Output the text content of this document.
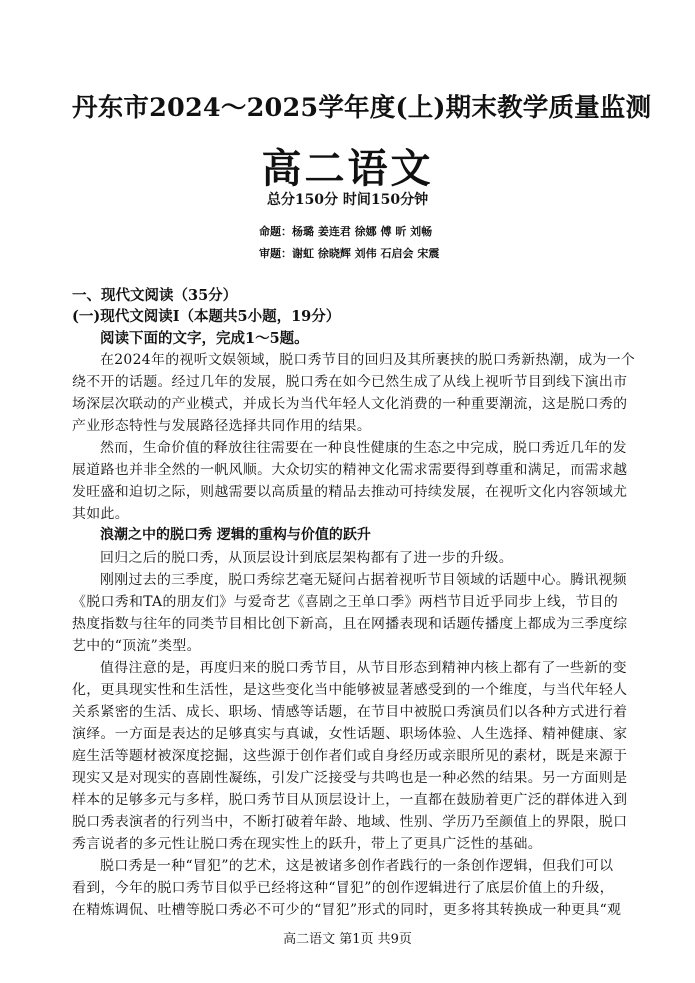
丹东市2024～2025学年度(上)期末教学质量监测
高二语文
总分150分 时间150分钟
命题：杨璐 姜连君 徐娜 傅 昕 刘畅
审题：谢虹 徐晓辉 刘伟 石启会 宋震
一、现代文阅读（35分）
(一)现代文阅读Ⅰ（本题共5小题，19分）
阅读下面的文字，完成1～5题。
在2024年的视听文娱领域，脱口秀节目的回归及其所裹挟的脱口秀新热潮，成为一个
绕不开的话题。经过几年的发展，脱口秀在如今已然生成了从线上视听节目到线下演出市
场深层次联动的产业模式，并成长为当代年轻人文化消费的一种重要潮流，这是脱口秀的
产业形态特性与发展路径选择共同作用的结果。
然而，生命价值的释放往往需要在一种良性健康的生态之中完成，脱口秀近几年的发
展道路也并非全然的一帆风顺。大众切实的精神文化需求需要得到尊重和满足，而需求越
发旺盛和迫切之际，则越需要以高质量的精品去推动可持续发展，在视听文化内容领域尤
其如此。
浪潮之中的脱口秀 逻辑的重构与价值的跃升
回归之后的脱口秀，从顶层设计到底层架构都有了进一步的升级。
刚刚过去的三季度，脱口秀综艺毫无疑问占据着视听节目领域的话题中心。腾讯视频
《脱口秀和TA的朋友们》与爱奇艺《喜剧之王单口季》两档节目近乎同步上线，节目的
热度指数与往年的同类节目相比创下新高，且在网播表现和话题传播度上都成为三季度综
艺中的“顶流”类型。
值得注意的是，再度归来的脱口秀节目，从节目形态到精神内核上都有了一些新的变
化，更具现实性和生活性，是这些变化当中能够被显著感受到的一个维度，与当代年轻人
关系紧密的生活、成长、职场、情感等话题，在节目中被脱口秀演员们以各种方式进行着
演绎。一方面是表达的足够真实与真诚，女性话题、职场体验、人生选择、精神健康、家
庭生活等题材被深度挖掘，这些源于创作者们或自身经历或亲眼所见的素材，既是来源于
现实又是对现实的喜剧性凝练，引发广泛接受与共鸣也是一种必然的结果。另一方面则是
样本的足够多元与多样，脱口秀节目从顶层设计上，一直都在鼓励着更广泛的群体进入到
脱口秀表演者的行列当中，不断打破着年龄、地域、性别、学历乃至颜值上的界限，脱口
秀言说者的多元性让脱口秀在现实性上的跃升，带上了更具广泛性的基础。
脱口秀是一种“冒犯”的艺术，这是被诸多创作者践行的一条创作逻辑，但我们可以
看到，今年的脱口秀节目似乎已经将这种“冒犯”的创作逻辑进行了底层价值上的升级，
在精炼调侃、吐槽等脱口秀必不可少的“冒犯”形式的同时，更多将其转换成一种更具“观
高二语文 第1页 共9页
